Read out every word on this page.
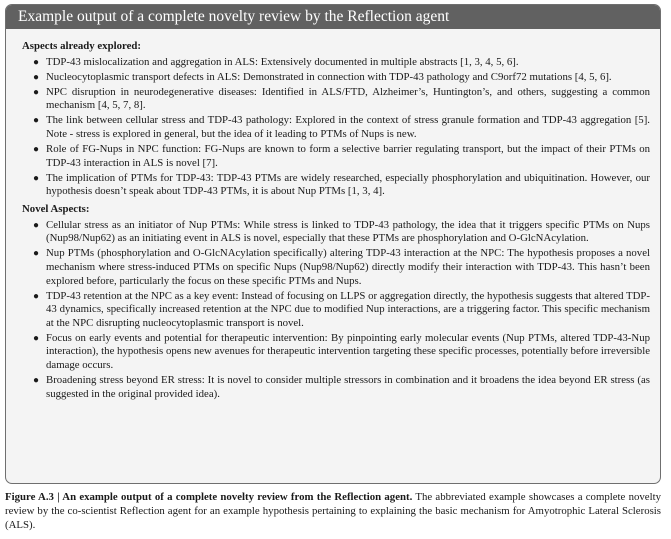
Example output of a complete novelty review by the Reflection agent
Aspects already explored:
● TDP-43 mislocalization and aggregation in ALS: Extensively documented in multiple abstracts [1, 3, 4, 5, 6].
● Nucleocytoplasmic transport defects in ALS: Demonstrated in connection with TDP-43 pathology and C9orf72 mutations [4, 5, 6].
● NPC disruption in neurodegenerative diseases: Identified in ALS/FTD, Alzheimer’s, Huntington’s, and others, suggesting a common mechanism [4, 5, 7, 8].
● The link between cellular stress and TDP-43 pathology: Explored in the context of stress granule formation and TDP-43 aggregation [5]. Note - stress is explored in general, but the idea of it leading to PTMs of Nups is new.
● Role of FG-Nups in NPC function: FG-Nups are known to form a selective barrier regulating transport, but the impact of their PTMs on TDP-43 interaction in ALS is novel [7].
● The implication of PTMs for TDP-43: TDP-43 PTMs are widely researched, especially phosphorylation and ubiquitination. However, our hypothesis doesn’t speak about TDP-43 PTMs, it is about Nup PTMs [1, 3, 4].
Novel Aspects:
● Cellular stress as an initiator of Nup PTMs: While stress is linked to TDP-43 pathology, the idea that it triggers specific PTMs on Nups (Nup98/Nup62) as an initiating event in ALS is novel, especially that these PTMs are phosphorylation and O-GlcNAcylation.
● Nup PTMs (phosphorylation and O-GlcNAcylation specifically) altering TDP-43 interaction at the NPC: The hypothesis proposes a novel mechanism where stress-induced PTMs on specific Nups (Nup98/Nup62) directly modify their interaction with TDP-43. This hasn’t been explored before, particularly the focus on these specific PTMs and Nups.
● TDP-43 retention at the NPC as a key event: Instead of focusing on LLPS or aggregation directly, the hypothesis suggests that altered TDP-43 dynamics, specifically increased retention at the NPC due to modified Nup interactions, are a triggering factor. This specific mechanism at the NPC disrupting nucleocytoplasmic transport is novel.
● Focus on early events and potential for therapeutic intervention: By pinpointing early molecular events (Nup PTMs, altered TDP-43-Nup interaction), the hypothesis opens new avenues for therapeutic intervention targeting these specific processes, potentially before irreversible damage occurs.
● Broadening stress beyond ER stress: It is novel to consider multiple stressors in combination and it broadens the idea beyond ER stress (as suggested in the original provided idea).
Figure A.3 | An example output of a complete novelty review from the Reflection agent. The abbreviated example showcases a complete novelty review by the co-scientist Reflection agent for an example hypothesis pertaining to explaining the basic mechanism for Amyotrophic Lateral Sclerosis (ALS).
